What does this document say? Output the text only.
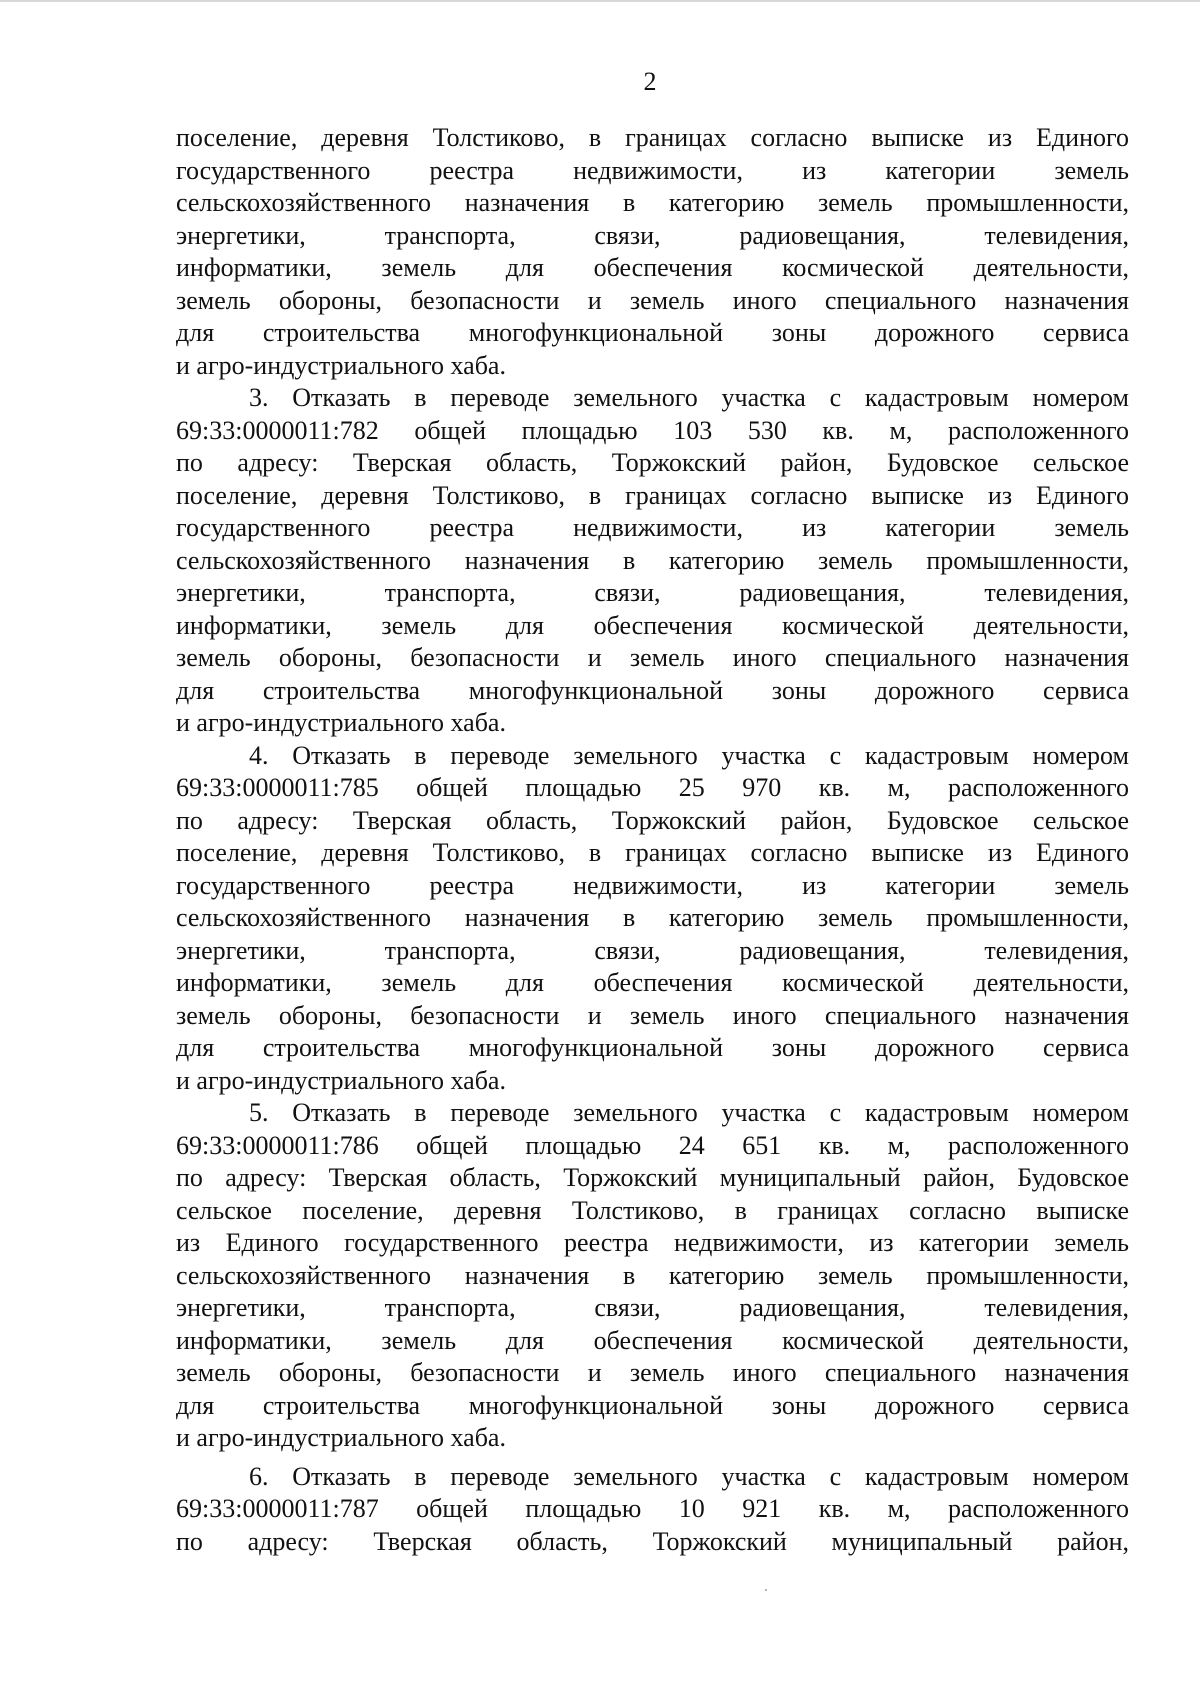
2
поселение, деревня Толстиково, в границах согласно выписке из Единого
государственного реестра недвижимости, из категории земель
сельскохозяйственного назначения в категорию земель промышленности,
энергетики, транспорта, связи, радиовещания, телевидения,
информатики, земель для обеспечения космической деятельности,
земель обороны, безопасности и земель иного специального назначения
для строительства многофункциональной зоны дорожного сервиса
и агро-индустриального хаба.
3. Отказать в переводе земельного участка с кадастровым номером
69:33:0000011:782 общей площадью 103 530 кв. м, расположенного
по адресу: Тверская область, Торжокский район, Будовское сельское
поселение, деревня Толстиково, в границах согласно выписке из Единого
государственного реестра недвижимости, из категории земель
сельскохозяйственного назначения в категорию земель промышленности,
энергетики, транспорта, связи, радиовещания, телевидения,
информатики, земель для обеспечения космической деятельности,
земель обороны, безопасности и земель иного специального назначения
для строительства многофункциональной зоны дорожного сервиса
и агро-индустриального хаба.
4. Отказать в переводе земельного участка с кадастровым номером
69:33:0000011:785 общей площадью 25 970 кв. м, расположенного
по адресу: Тверская область, Торжокский район, Будовское сельское
поселение, деревня Толстиково, в границах согласно выписке из Единого
государственного реестра недвижимости, из категории земель
сельскохозяйственного назначения в категорию земель промышленности,
энергетики, транспорта, связи, радиовещания, телевидения,
информатики, земель для обеспечения космической деятельности,
земель обороны, безопасности и земель иного специального назначения
для строительства многофункциональной зоны дорожного сервиса
и агро-индустриального хаба.
5. Отказать в переводе земельного участка с кадастровым номером
69:33:0000011:786 общей площадью 24 651 кв. м, расположенного
по адресу: Тверская область, Торжокский муниципальный район, Будовское
сельское поселение, деревня Толстиково, в границах согласно выписке
из Единого государственного реестра недвижимости, из категории земель
сельскохозяйственного назначения в категорию земель промышленности,
энергетики, транспорта, связи, радиовещания, телевидения,
информатики, земель для обеспечения космической деятельности,
земель обороны, безопасности и земель иного специального назначения
для строительства многофункциональной зоны дорожного сервиса
и агро-индустриального хаба.
6. Отказать в переводе земельного участка с кадастровым номером
69:33:0000011:787 общей площадью 10 921 кв. м, расположенного
по адресу: Тверская область, Торжокский муниципальный район,
